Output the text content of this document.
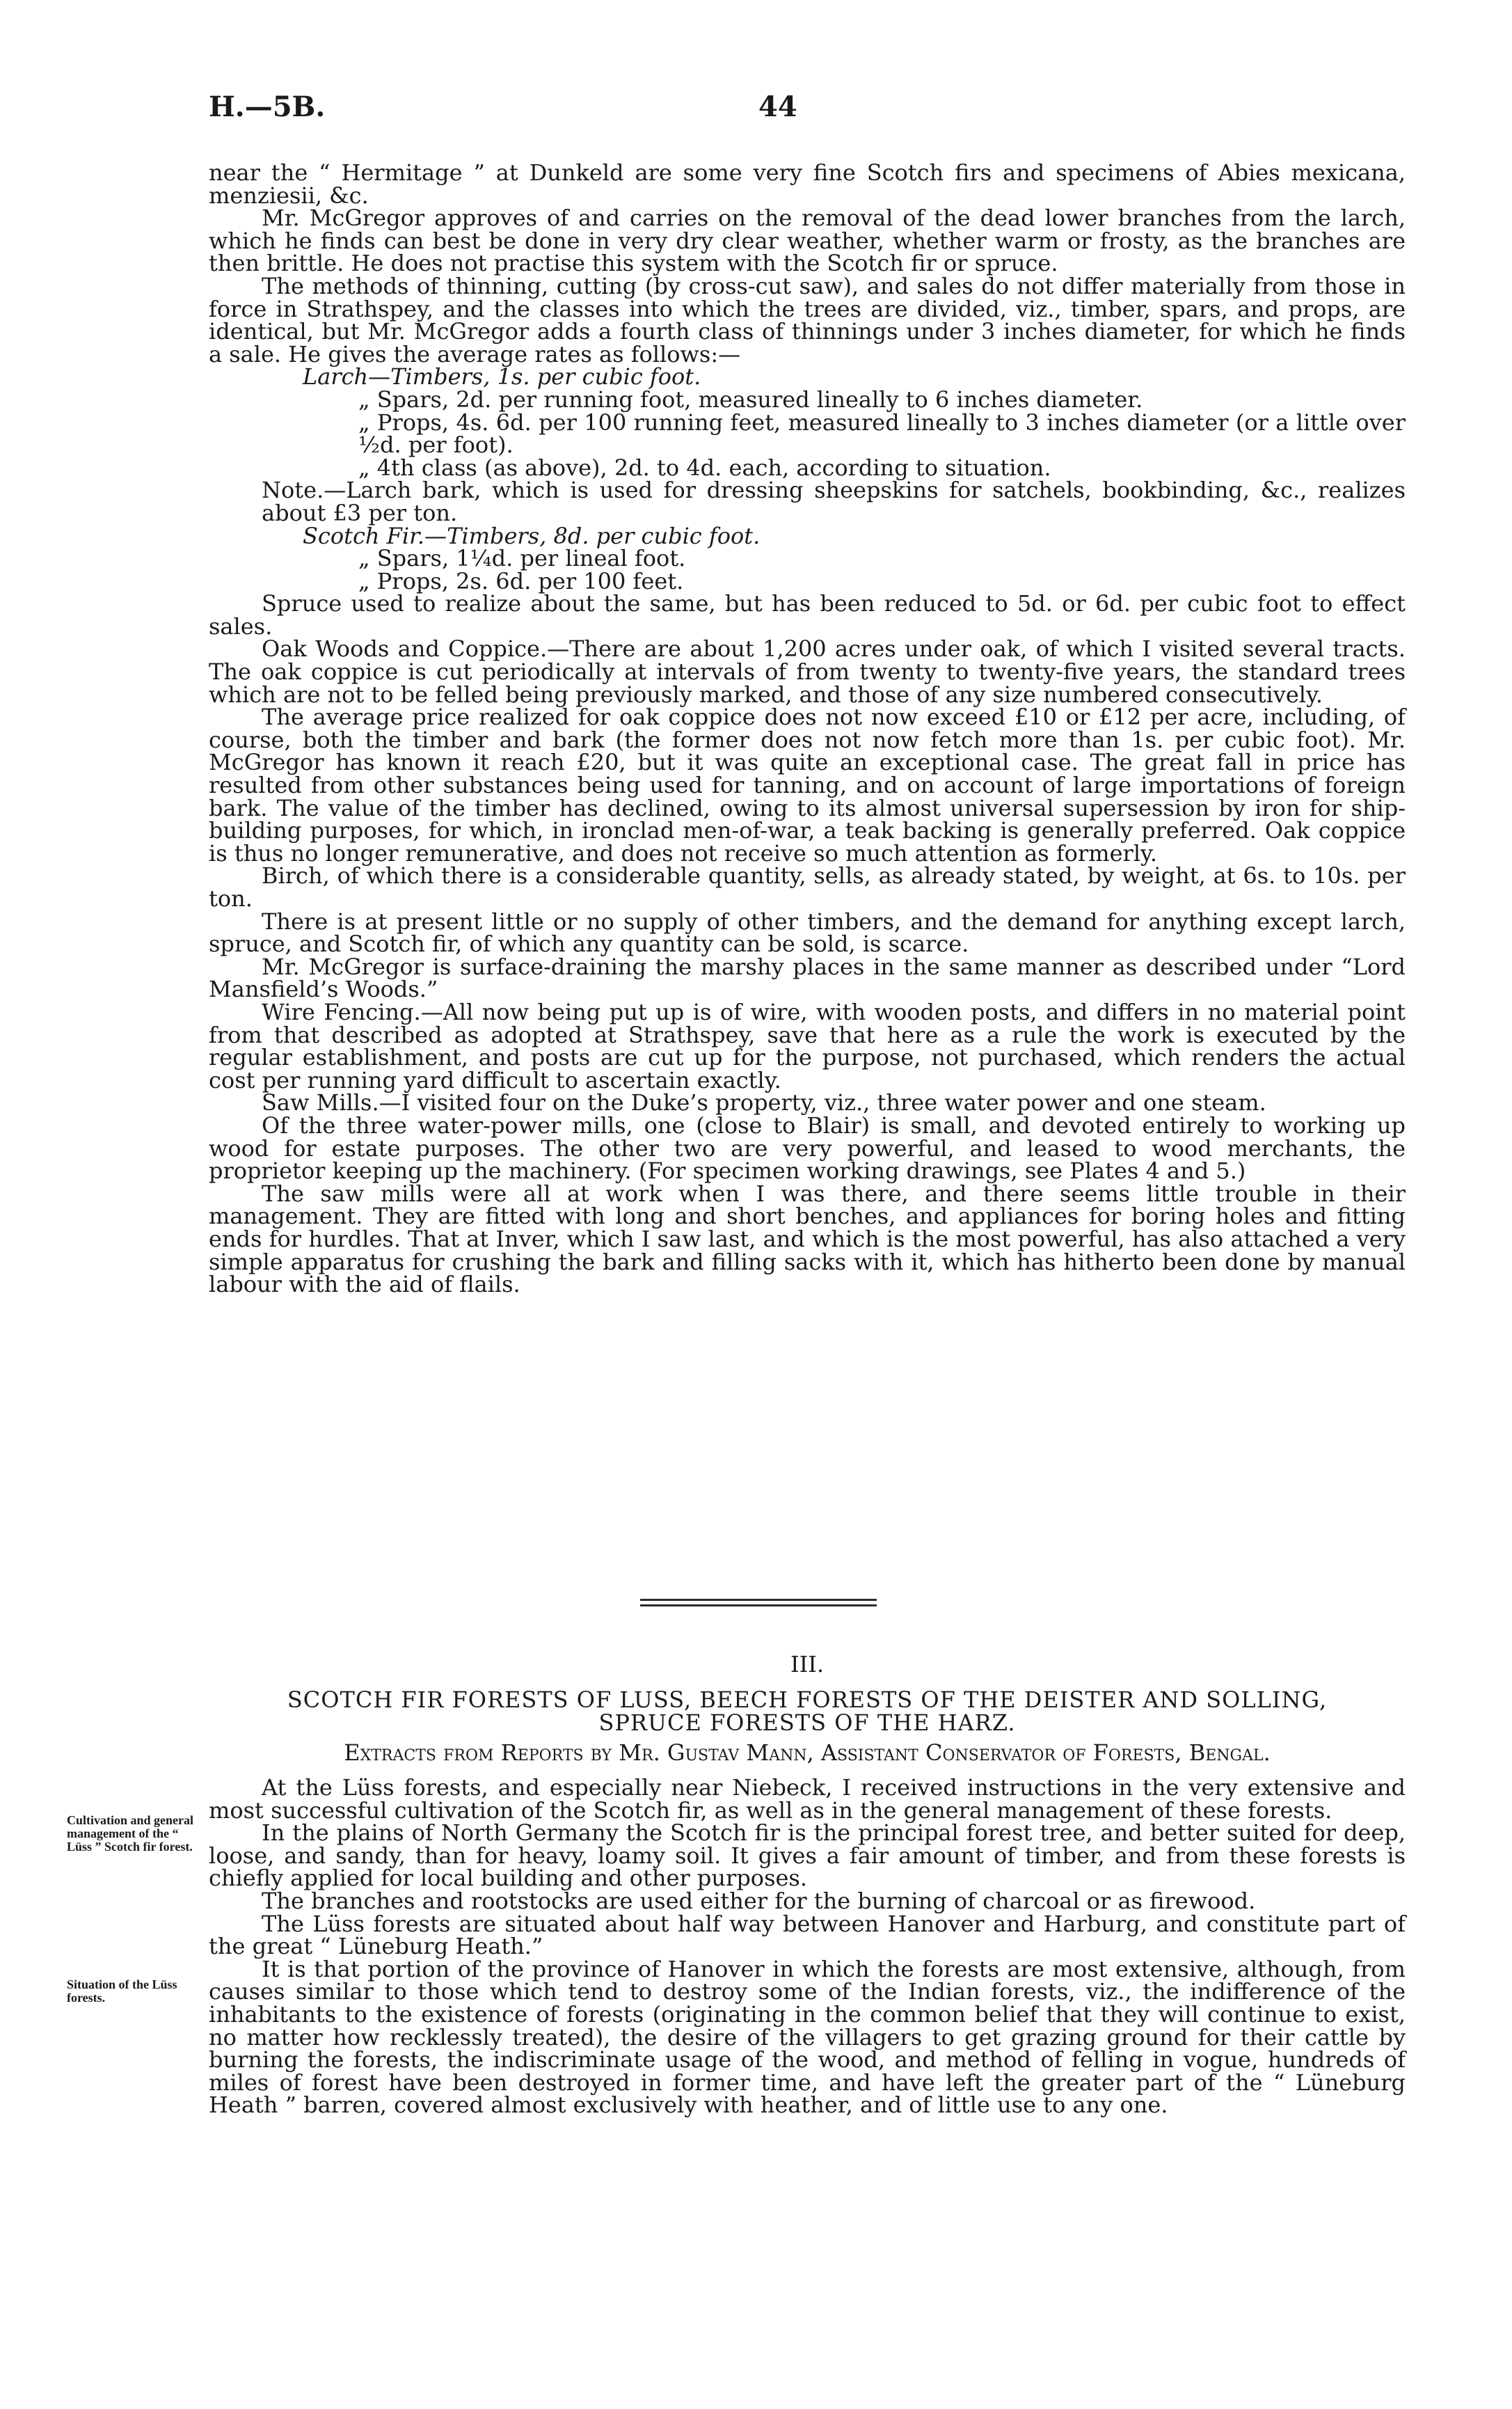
H.—5B.	44

near the “ Hermitage ” at Dunkeld are some very fine Scotch firs and specimens of Abies mexicana, menziesii, &c.

Mr. McGregor approves of and carries on the removal of the dead lower branches from the larch, which he finds can best be done in very dry clear weather, whether warm or frosty, as the branches are then brittle. He does not practise this system with the Scotch fir or spruce.

The methods of thinning, cutting (by cross-cut saw), and sales do not differ materially from those in force in Strathspey, and the classes into which the trees are divided, viz., timber, spars, and props, are identical, but Mr. McGregor adds a fourth class of thinnings under 3 inches diameter, for which he finds a sale. He gives the average rates as follows:—

Larch—Timbers, 1s. per cubic foot.

„ Spars, 2d. per running foot, measured lineally to 6 inches diameter.

„ Props, 4s. 6d. per 100 running feet, measured lineally to 3 inches diameter (or a little over ½d. per foot).

„ 4th class (as above), 2d. to 4d. each, according to situation.

Note.—Larch bark, which is used for dressing sheepskins for satchels, bookbinding, &c., realizes about £3 per ton.

Scotch Fir.—Timbers, 8d. per cubic foot.

„ Spars, 1¼d. per lineal foot.

„ Props, 2s. 6d. per 100 feet.

Spruce used to realize about the same, but has been reduced to 5d. or 6d. per cubic foot to effect sales.

Oak Woods and Coppice.—There are about 1,200 acres under oak, of which I visited several tracts. The oak coppice is cut periodically at intervals of from twenty to twenty-five years, the standard trees which are not to be felled being previously marked, and those of any size numbered consecutively.

The average price realized for oak coppice does not now exceed £10 or £12 per acre, including, of course, both the timber and bark (the former does not now fetch more than 1s. per cubic foot). Mr. McGregor has known it reach £20, but it was quite an exceptional case. The great fall in price has resulted from other substances being used for tanning, and on account of large importations of foreign bark. The value of the timber has declined, owing to its almost universal supersession by iron for ship-building purposes, for which, in ironclad men-of-war, a teak backing is generally preferred. Oak coppice is thus no longer remunerative, and does not receive so much attention as formerly.

Birch, of which there is a considerable quantity, sells, as already stated, by weight, at 6s. to 10s. per ton.

There is at present little or no supply of other timbers, and the demand for anything except larch, spruce, and Scotch fir, of which any quantity can be sold, is scarce.

Mr. McGregor is surface-draining the marshy places in the same manner as described under “Lord Mansfield’s Woods.”

Wire Fencing.—All now being put up is of wire, with wooden posts, and differs in no material point from that described as adopted at Strathspey, save that here as a rule the work is executed by the regular establishment, and posts are cut up for the purpose, not purchased, which renders the actual cost per running yard difficult to ascertain exactly.

Saw Mills.—I visited four on the Duke’s property, viz., three water power and one steam.

Of the three water-power mills, one (close to Blair) is small, and devoted entirely to working up wood for estate purposes. The other two are very powerful, and leased to wood merchants, the proprietor keeping up the machinery. (For specimen working drawings, see Plates 4 and 5.)

The saw mills were all at work when I was there, and there seems little trouble in their management. They are fitted with long and short benches, and appliances for boring holes and fitting ends for hurdles. That at Inver, which I saw last, and which is the most powerful, has also attached a very simple apparatus for crushing the bark and filling sacks with it, which has hitherto been done by manual labour with the aid of flails.

III.
SCOTCH FIR FORESTS OF LUSS, BEECH FORESTS OF THE DEISTER AND SOLLING,
SPRUCE FORESTS OF THE HARZ.
Extracts from Reports by Mr. Gustav Mann, Assistant Conservator of Forests, Bengal.
Cultivation and general management of the “ Lüss ” Scotch fir forest.
Situation of the Lüss forests.

At the Lüss forests, and especially near Niebeck, I received instructions in the very extensive and most successful cultivation of the Scotch fir, as well as in the general management of these forests.

In the plains of North Germany the Scotch fir is the principal forest tree, and better suited for deep, loose, and sandy, than for heavy, loamy soil. It gives a fair amount of timber, and from these forests is chiefly applied for local building and other purposes.

The branches and rootstocks are used either for the burning of charcoal or as firewood.

The Lüss forests are situated about half way between Hanover and Harburg, and constitute part of the great “ Lüneburg Heath.”

It is that portion of the province of Hanover in which the forests are most extensive, although, from causes similar to those which tend to destroy some of the Indian forests, viz., the indifference of the inhabitants to the existence of forests (originating in the common belief that they will continue to exist, no matter how recklessly treated), the desire of the villagers to get grazing ground for their cattle by burning the forests, the indiscriminate usage of the wood, and method of felling in vogue, hundreds of miles of forest have been destroyed in former time, and have left the greater part of the “ Lüneburg Heath ” barren, covered almost exclusively with heather, and of little use to any one.
